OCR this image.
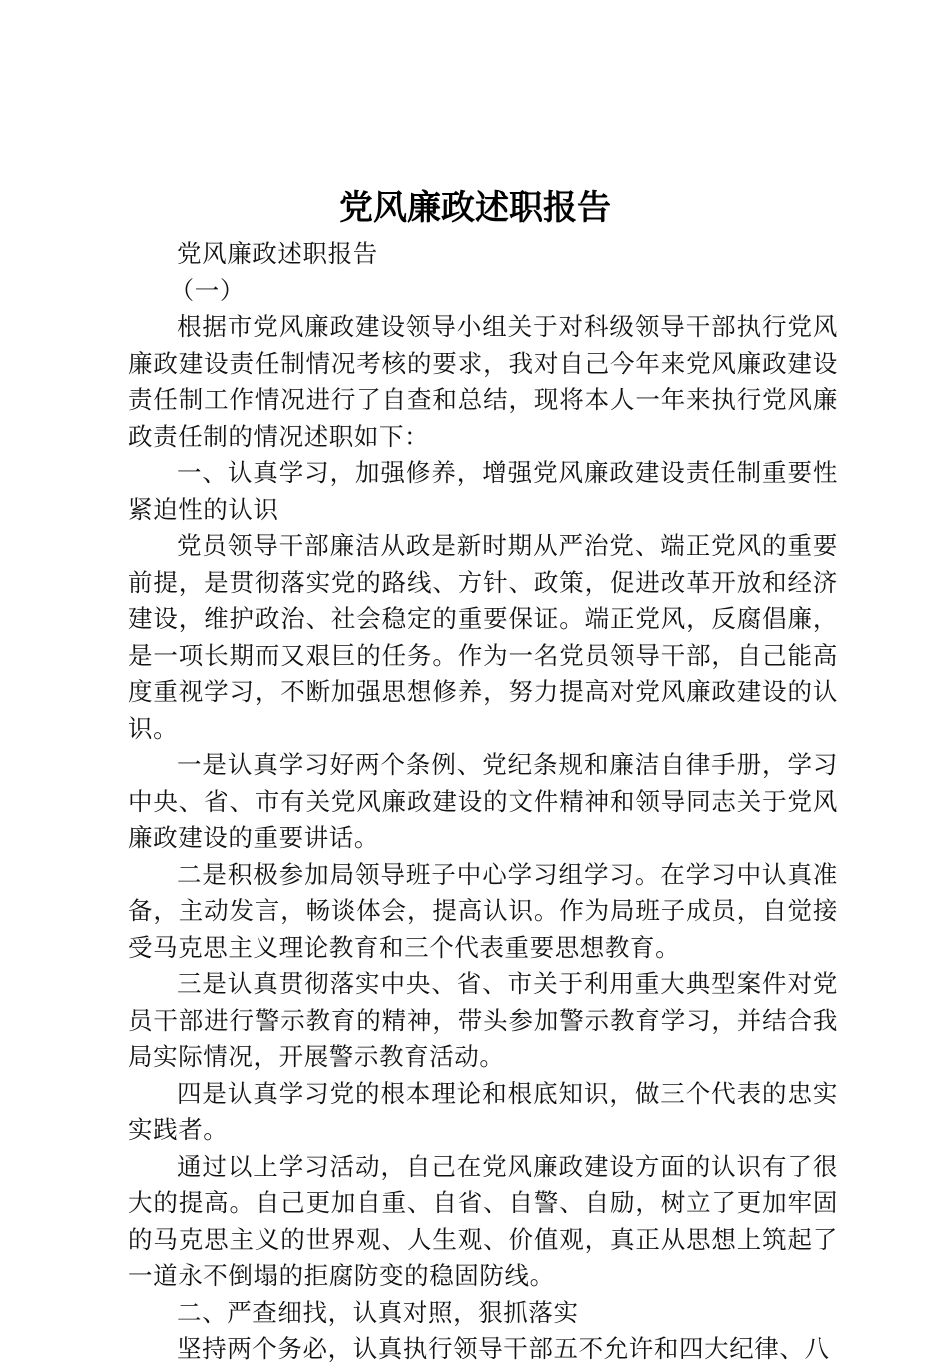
党风廉政述职报告

党风廉政述职报告

（一）

根据市党风廉政建设领导小组关于对科级领导干部执行党风廉政建设责任制情况考核的要求，我对自己今年来党风廉政建设责任制工作情况进行了自查和总结，现将本人一年来执行党风廉政责任制的情况述职如下：

一、认真学习，加强修养，增强党风廉政建设责任制重要性紧迫性的认识

党员领导干部廉洁从政是新时期从严治党、端正党风的重要前提，是贯彻落实党的路线、方针、政策，促进改革开放和经济建设，维护政治、社会稳定的重要保证。端正党风，反腐倡廉，是一项长期而又艰巨的任务。作为一名党员领导干部，自己能高度重视学习，不断加强思想修养，努力提高对党风廉政建设的认识。

一是认真学习好两个条例、党纪条规和廉洁自律手册，学习中央、省、市有关党风廉政建设的文件精神和领导同志关于党风廉政建设的重要讲话。

二是积极参加局领导班子中心学习组学习。在学习中认真准备，主动发言，畅谈体会，提高认识。作为局班子成员，自觉接受马克思主义理论教育和三个代表重要思想教育。

三是认真贯彻落实中央、省、市关于利用重大典型案件对党员干部进行警示教育的精神，带头参加警示教育学习，并结合我局实际情况，开展警示教育活动。

四是认真学习党的根本理论和根底知识，做三个代表的忠实实践者。

通过以上学习活动，自己在党风廉政建设方面的认识有了很大的提高。自己更加自重、自省、自警、自励，树立了更加牢固的马克思主义的世界观、人生观、价值观，真正从思想上筑起了一道永不倒塌的拒腐防变的稳固防线。

二、严查细找，认真对照，狠抓落实

坚持两个务必，认真执行领导干部五不允许和四大纪律、八
